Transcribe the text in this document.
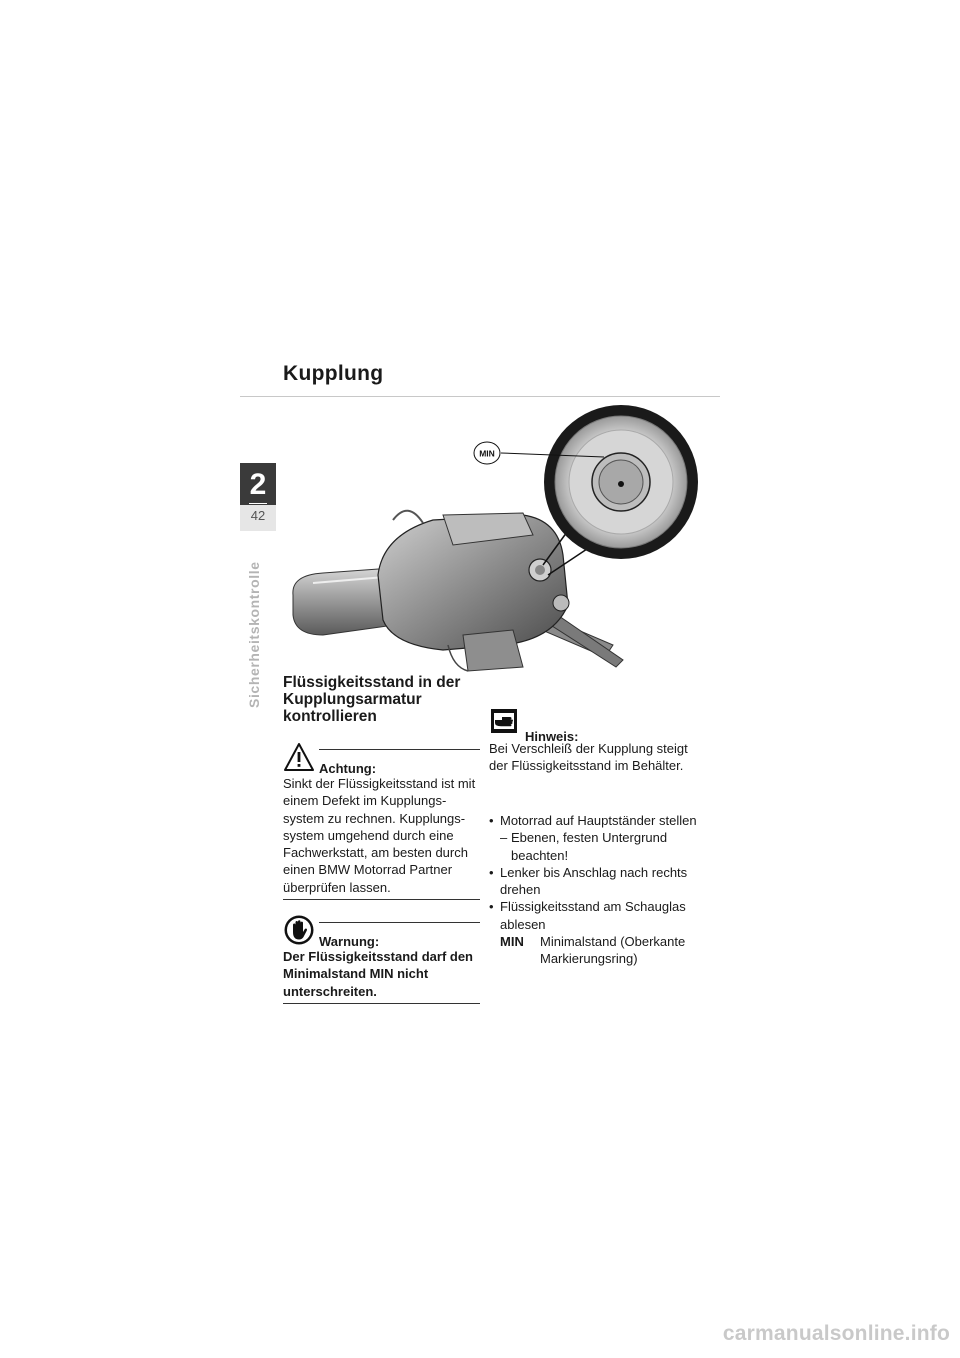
Kupplung
2
42
Sicherheitskontrolle
MIN
Flüssigkeitsstand in der Kupplungsarmatur kontrollieren
Achtung:
Sinkt der Flüssigkeitsstand ist mit einem Defekt im Kupplungs-system zu rechnen. Kupplungs-system umgehend durch eine Fachwerkstatt, am besten durch einen BMW Motorrad Partner überprüfen lassen.
Warnung:
Der Flüssigkeitsstand darf den Minimalstand MIN nicht unterschreiten.
Hinweis:
Bei Verschleiß der Kupplung steigt der Flüssigkeitsstand im Behälter.
• Motorrad auf Hauptständer stellen
– Ebenen, festen Untergrund beachten!
• Lenker bis Anschlag nach rechts drehen
• Flüssigkeitsstand am Schauglas ablesen
MIN Minimalstand (Oberkante Markierungsring)
carmanualsonline.info
